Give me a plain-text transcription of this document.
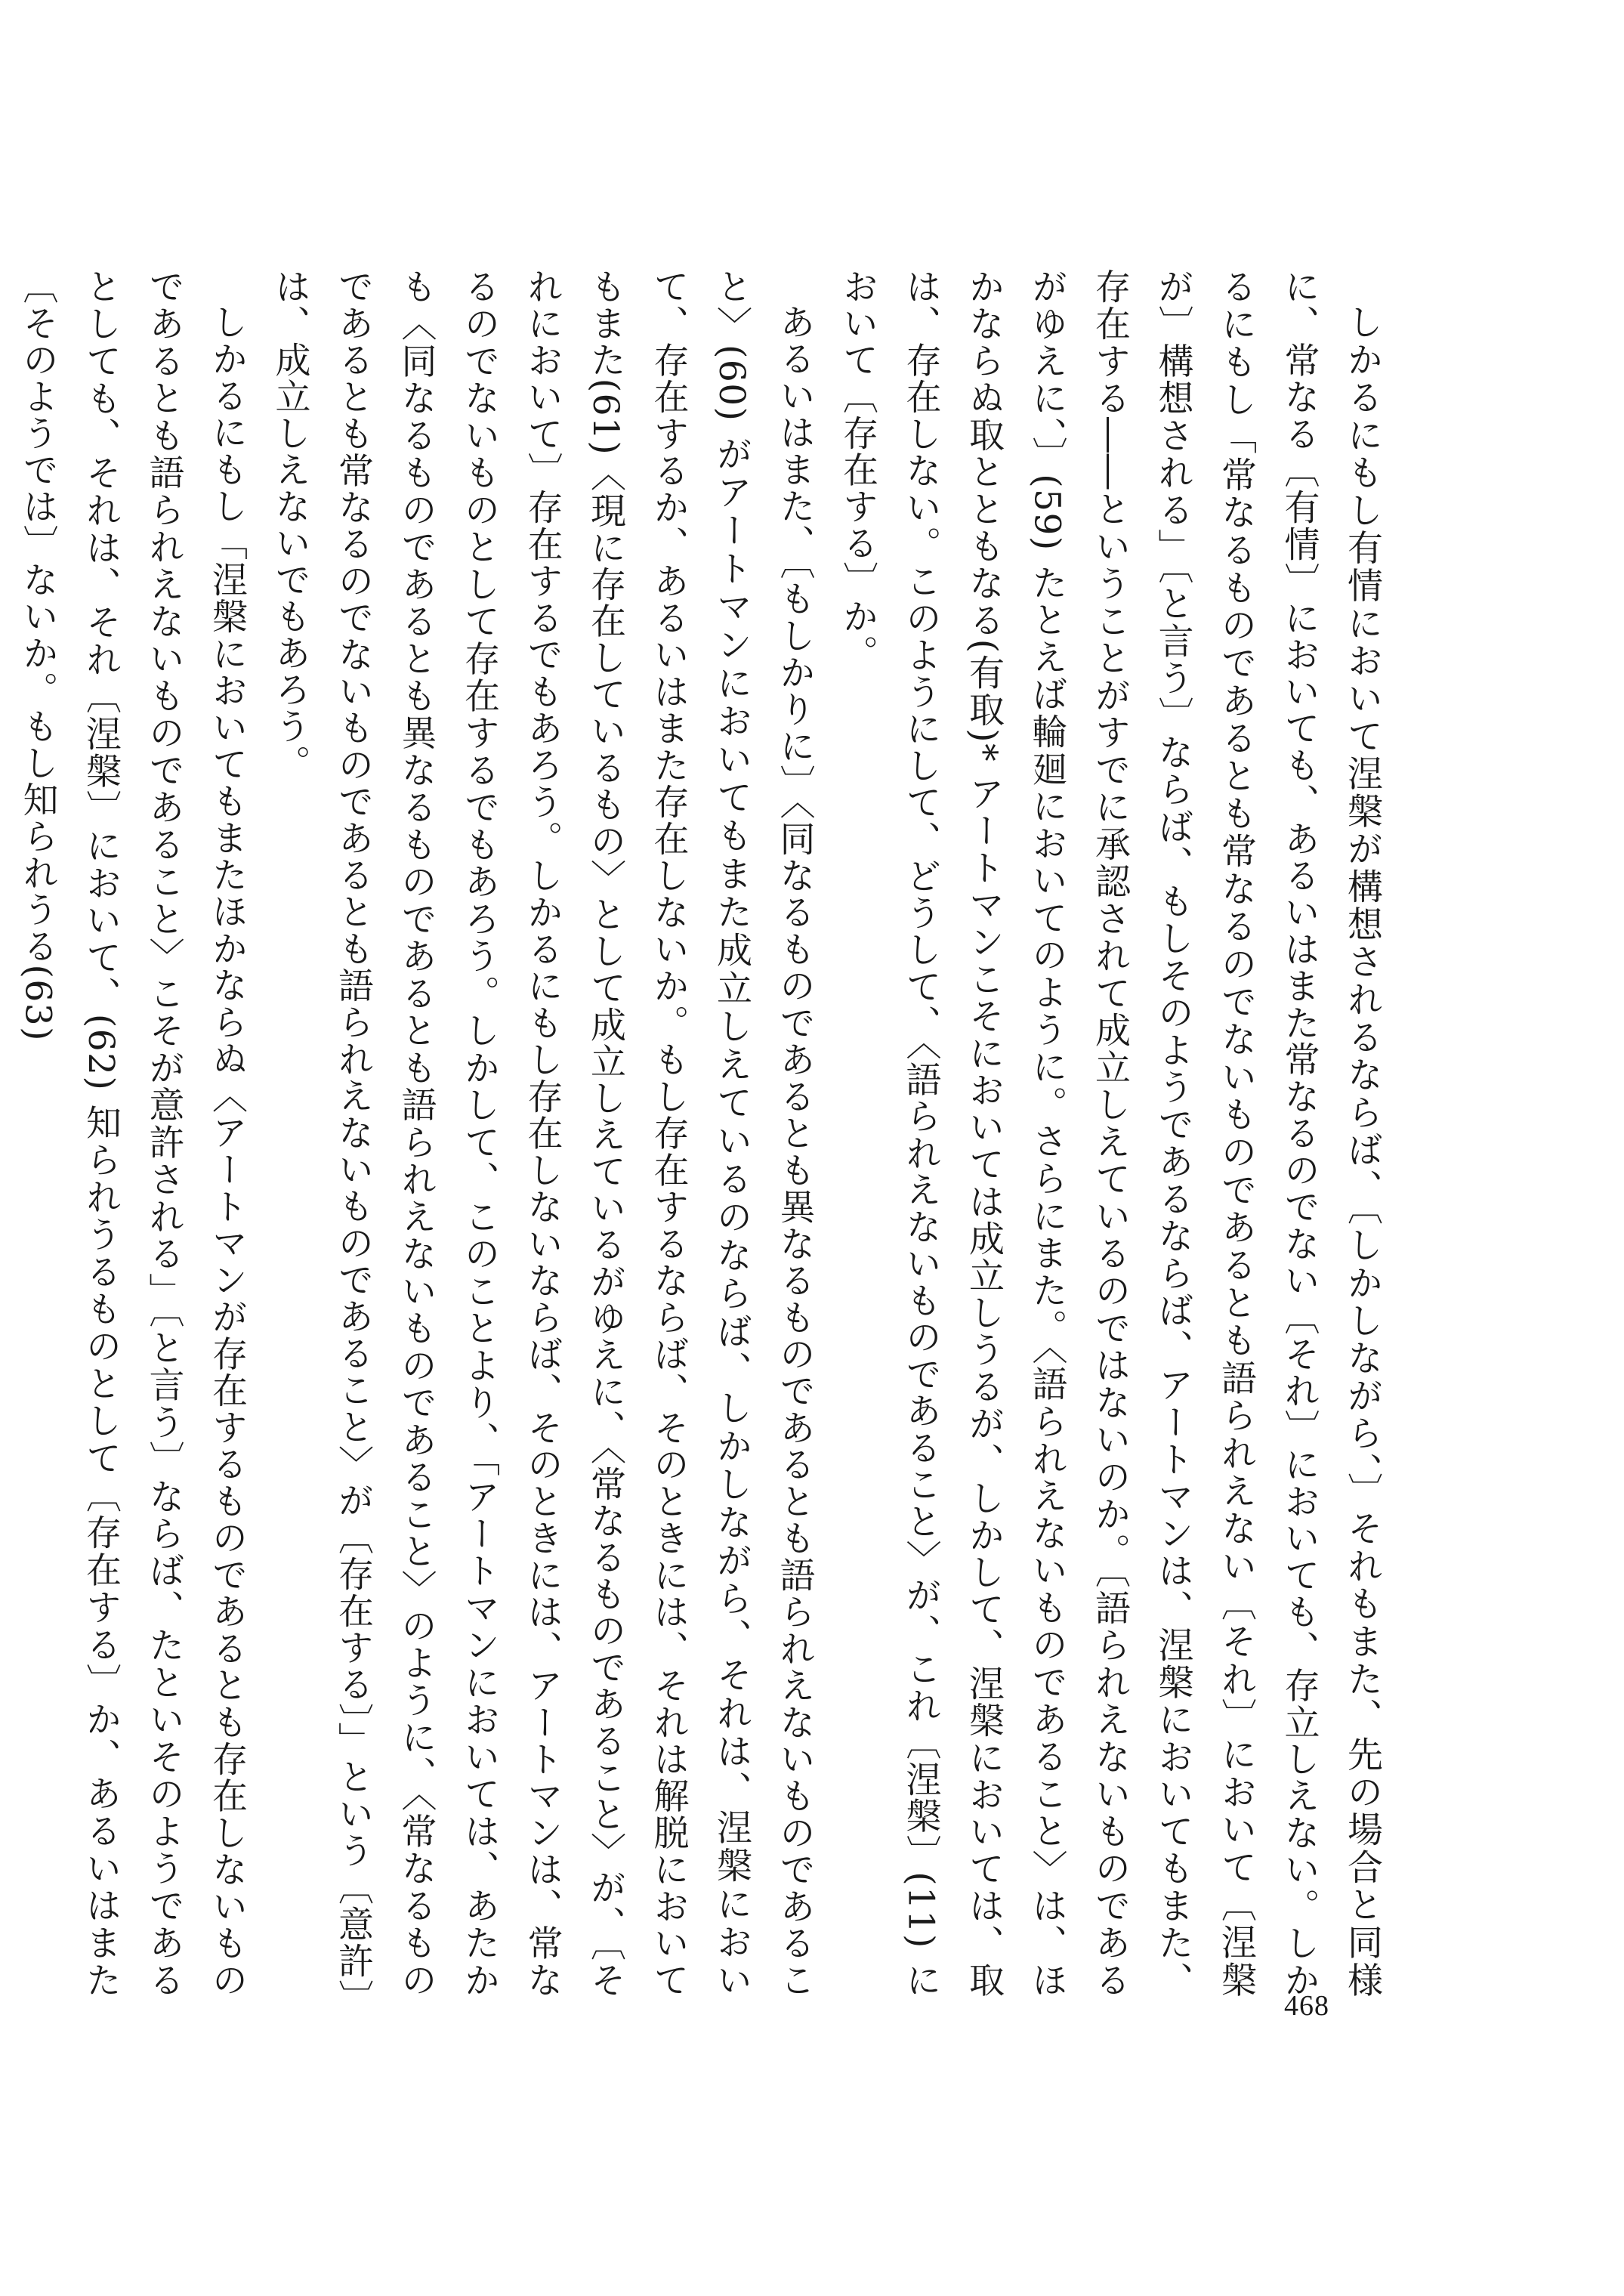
しかるにもし有情において涅槃が構想されるならば、〔しかしながら、〕それもまた、先の場合と同様に、常なる〔有情〕においても、あるいはまた常なるのでない〔それ〕においても、存立しえない。しかるにもし「常なるものであるとも常なるのでないものであるとも語られえない〔それ〕において〔涅槃が〕構想される」〔と言う〕ならば、もしそのようであるならば、アートマンは、涅槃においてもまた、存在する――ということがすでに承認されて成立しえているのではないのか。〔語られえないものであるがゆえに、〕(59) たとえば輪廻においてのように。さらにまた。〈語られえないものであること〉は、ほかならぬ取とともなる(有取)* アートマンこそにおいては成立しうるが、しかして、涅槃においては、取は、存在しない。このようにして、どうして、〈語られえないものであること〉が、これ〔涅槃〕(11) において〔存在する〕か。

あるいはまた、〔もしかりに〕〈同なるものであるとも異なるものであるとも語られえないものであること〉(60) がアートマンにおいてもまた成立しえているのならば、しかしながら、それは、涅槃において、存在するか、あるいはまた存在しないか。もし存在するならば、そのときには、それは解脱においてもまた(61)〈現に存在しているもの〉として成立しえているがゆえに、〈常なるものであること〉が、〔それにおいて〕存在するでもあろう。しかるにもし存在しないならば、そのときには、アートマンは、常なるのでないものとして存在するでもあろう。しかして、このことより、「アートマンにおいては、あたかも〈同なるものであるとも異なるものであるとも語られえないものであること〉のように、〈常なるものであるとも常なるのでないものであるとも語られえないものであること〉が〔存在する〕」という〔意許〕は、成立しえないでもあろう。

しかるにもし「涅槃においてもまたほかならぬ〈アートマンが存在するものであるとも存在しないものであるとも語られえないものであること〉こそが意許される」〔と言う〕ならば、たといそのようであるとしても、それは、それ〔涅槃〕において、(62) 知られうるものとして〔存在する〕か、あるいはまた〔そのようでは〕ないか。もし知られうる(63)

468
